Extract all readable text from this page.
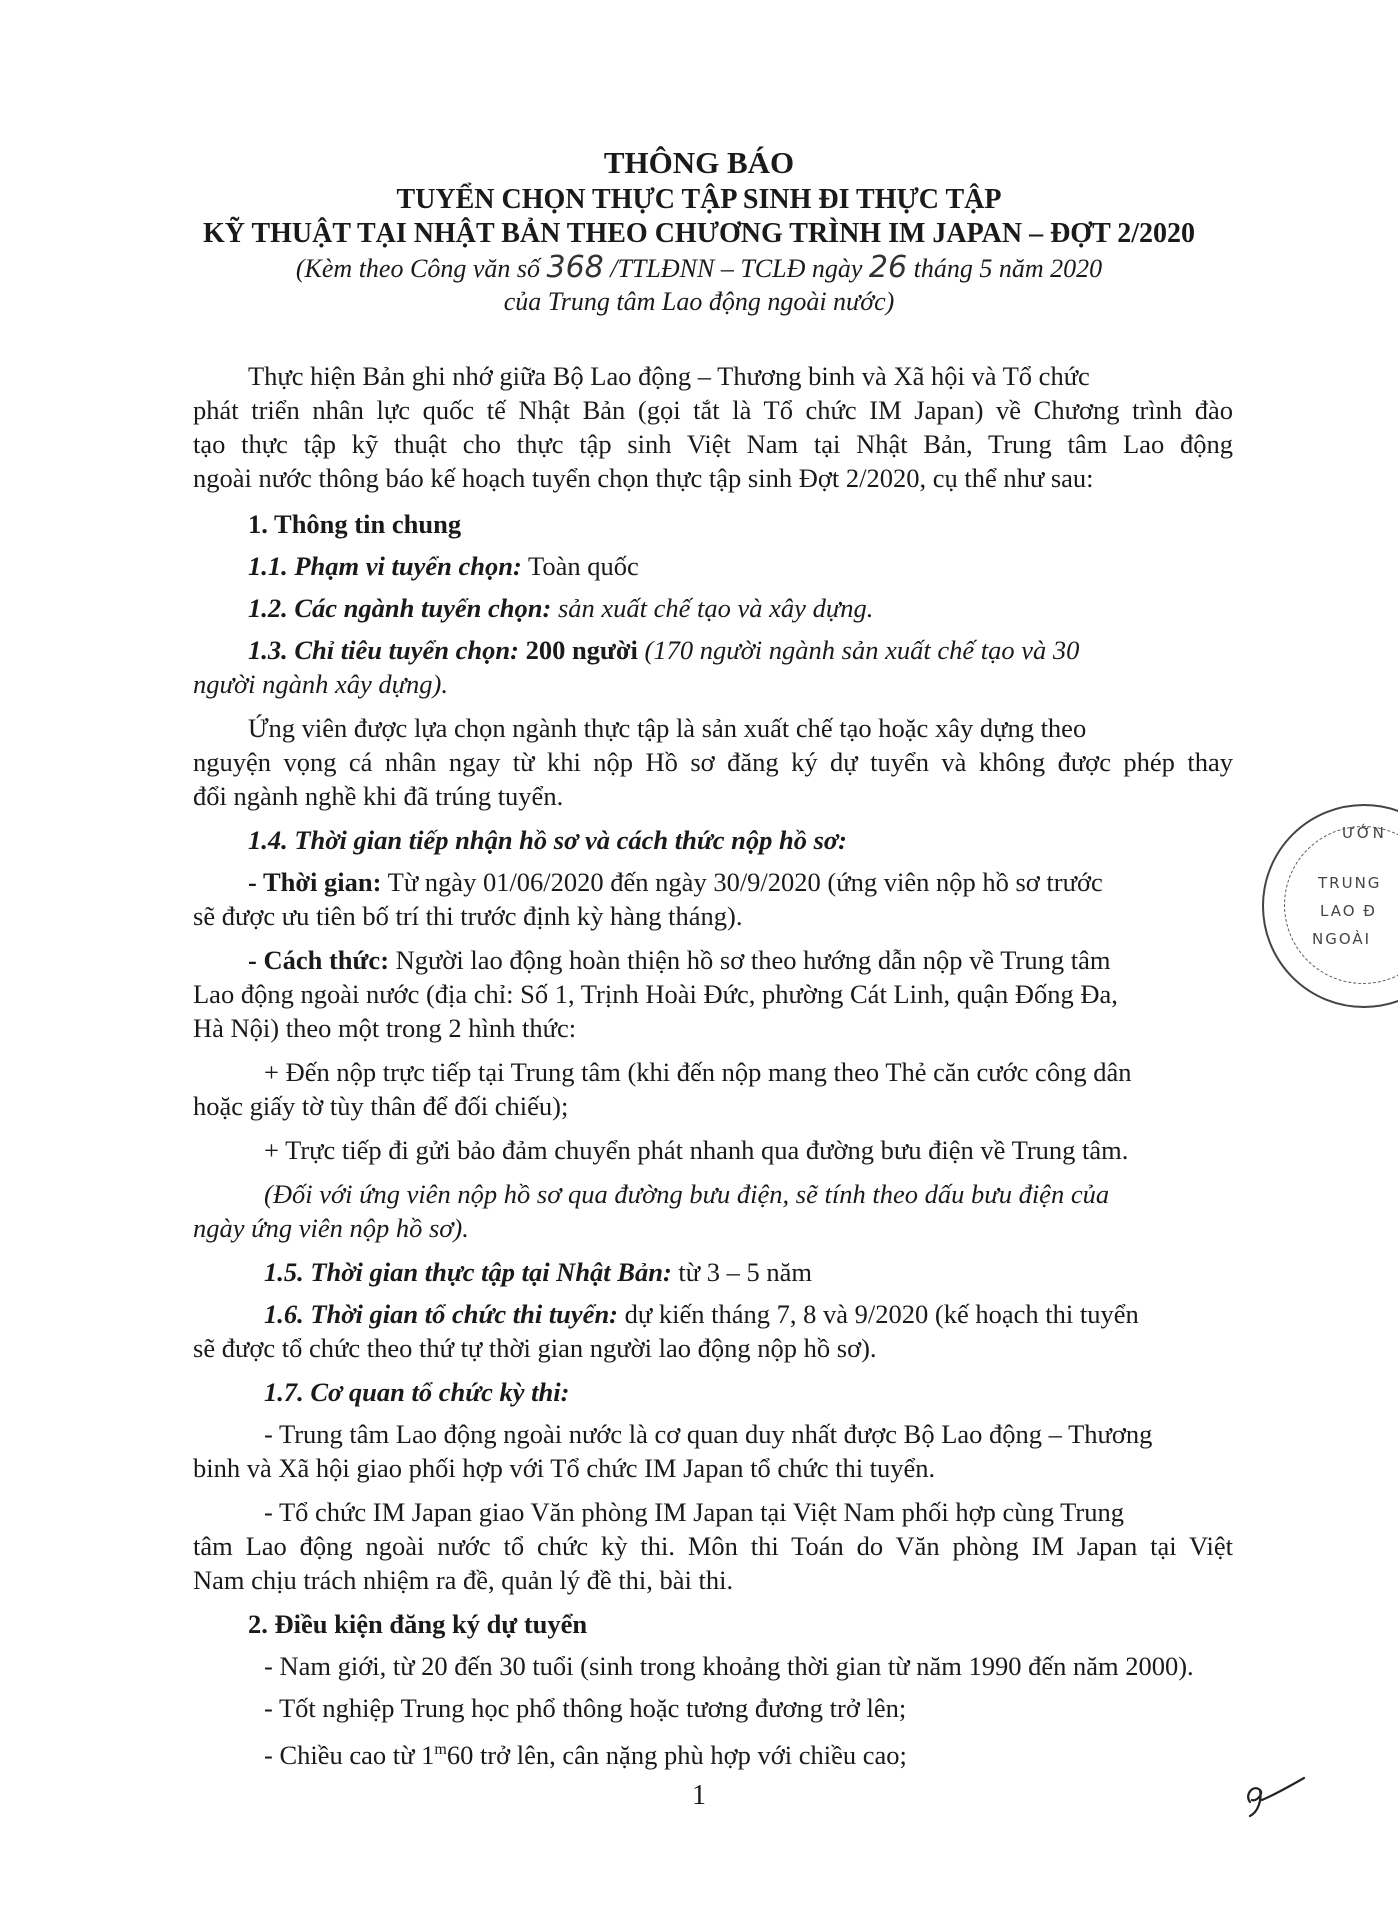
THÔNG BÁO
TUYỂN CHỌN THỰC TẬP SINH ĐI THỰC TẬP
KỸ THUẬT TẠI NHẬT BẢN THEO CHƯƠNG TRÌNH IM JAPAN – ĐỢT 2/2020
(Kèm theo Công văn số 368 /TTLĐNN – TCLĐ ngày 26 tháng 5 năm 2020
của Trung tâm Lao động ngoài nước)
Thực hiện Bản ghi nhớ giữa Bộ Lao động – Thương binh và Xã hội và Tổ chức
phát triển nhân lực quốc tế Nhật Bản (gọi tắt là Tổ chức IM Japan) về Chương trình đào
tạo thực tập kỹ thuật cho thực tập sinh Việt Nam tại Nhật Bản, Trung tâm Lao động
ngoài nước thông báo kế hoạch tuyển chọn thực tập sinh Đợt 2/2020, cụ thể như sau:
1. Thông tin chung
1.1. Phạm vi tuyển chọn: Toàn quốc
1.2. Các ngành tuyển chọn: sản xuất chế tạo và xây dựng.
1.3. Chỉ tiêu tuyển chọn: 200 người (170 người ngành sản xuất chế tạo và 30
người ngành xây dựng).
Ứng viên được lựa chọn ngành thực tập là sản xuất chế tạo hoặc xây dựng theo
nguyện vọng cá nhân ngay từ khi nộp Hồ sơ đăng ký dự tuyển và không được phép thay
đổi ngành nghề khi đã trúng tuyển.
1.4. Thời gian tiếp nhận hồ sơ và cách thức nộp hồ sơ:
- Thời gian: Từ ngày 01/06/2020 đến ngày 30/9/2020 (ứng viên nộp hồ sơ trước
sẽ được ưu tiên bố trí thi trước định kỳ hàng tháng).
- Cách thức: Người lao động hoàn thiện hồ sơ theo hướng dẫn nộp về Trung tâm
Lao động ngoài nước (địa chỉ: Số 1, Trịnh Hoài Đức, phường Cát Linh, quận Đống Đa,
Hà Nội) theo một trong 2 hình thức:
+ Đến nộp trực tiếp tại Trung tâm (khi đến nộp mang theo Thẻ căn cước công dân
hoặc giấy tờ tùy thân để đối chiếu);
+ Trực tiếp đi gửi bảo đảm chuyển phát nhanh qua đường bưu điện về Trung tâm.
(Đối với ứng viên nộp hồ sơ qua đường bưu điện, sẽ tính theo dấu bưu điện của
ngày ứng viên nộp hồ sơ).
1.5. Thời gian thực tập tại Nhật Bản: từ 3 – 5 năm
1.6. Thời gian tổ chức thi tuyển: dự kiến tháng 7, 8 và 9/2020 (kế hoạch thi tuyển
sẽ được tổ chức theo thứ tự thời gian người lao động nộp hồ sơ).
1.7. Cơ quan tổ chức kỳ thi:
- Trung tâm Lao động ngoài nước là cơ quan duy nhất được Bộ Lao động – Thương
binh và Xã hội giao phối hợp với Tổ chức IM Japan tổ chức thi tuyển.
- Tổ chức IM Japan giao Văn phòng IM Japan tại Việt Nam phối hợp cùng Trung
tâm Lao động ngoài nước tổ chức kỳ thi. Môn thi Toán do Văn phòng IM Japan tại Việt
Nam chịu trách nhiệm ra đề, quản lý đề thi, bài thi.
2. Điều kiện đăng ký dự tuyển
- Nam giới, từ 20 đến 30 tuổi (sinh trong khoảng thời gian từ năm 1990 đến năm 2000).
- Tốt nghiệp Trung học phổ thông hoặc tương đương trở lên;
- Chiều cao từ 1$^m$60 trở lên, cân nặng phù hợp với chiều cao;
ƯỚN
TRUNG
LAO Đ
NGOÀI
1
